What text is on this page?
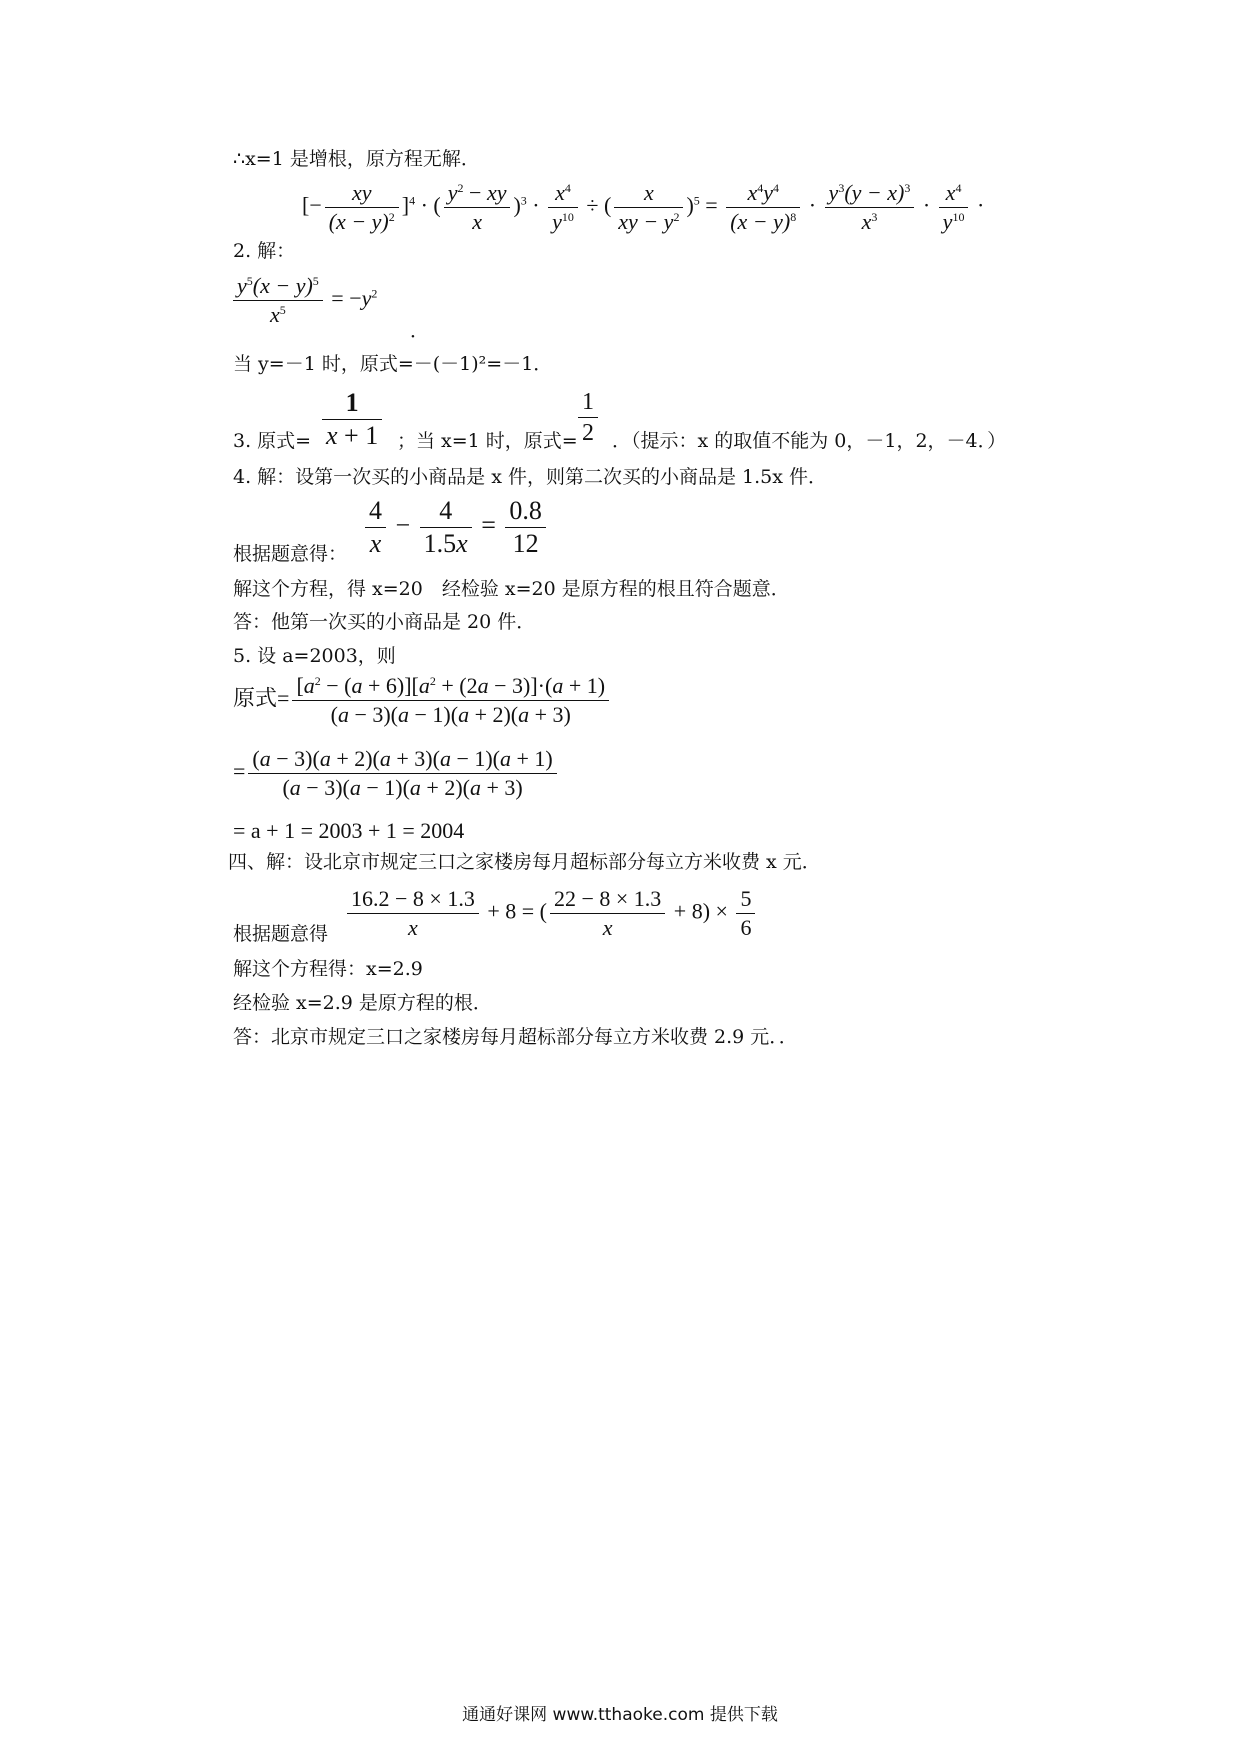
∴x=1 是增根，原方程无解．
[− $\frac{xy}{(x - y)^2} ]^4$ · ( $\frac{y^2 - xy}{x} )^3 \cdot \frac{x^4}{y^{10}}$ ÷ ( $\frac{x}{xy - y^2} )^5 = \frac{x^4y^4}{(x - y)^8} \cdot \frac{y^3(y - x)^3}{x^3} \cdot \frac{x^4}{y^{10}}$ ·
2. 解：
$\frac{y^5(x - y)^5}{x^5} = -y^2$
．
当 y=－1 时，原式=－(－1)²=－1．
3. 原式= $\frac{1}{x + 1}$ ；当 x=1 时，原式= $\frac{1}{2}$ ．（提示：x 的取值不能为 0，－1，2，－4．）
4. 解：设第一次买的小商品是 x 件，则第二次买的小商品是 1.5x 件．
$\frac{4}{x} - \frac{4}{1.5x} = \frac{0.8}{12}$
根据题意得：
解这个方程，得 x=20　经检验 x=20 是原方程的根且符合题意．
答：他第一次买的小商品是 20 件．
5. 设 a=2003，则
原式= $\frac{[a^2 - (a + 6)][a^2 + (2a - 3)]\cdot(a + 1)}{(a - 3)(a - 1)(a + 2)(a + 3)}$
= $\frac{(a - 3)(a + 2)(a + 3)(a - 1)(a + 1)}{(a - 3)(a - 1)(a + 2)(a + 3)}$
= a + 1 = 2003 + 1 = 2004
四、解：设北京市规定三口之家楼房每月超标部分每立方米收费 x 元．
$\frac{16.2 - 8 \times 1.3}{x} + 8$ = ( $\frac{22 - 8 \times 1.3}{x} + 8) \times \frac{5}{6}$
根据题意得
解这个方程得：x=2.9
经检验 x=2.9 是原方程的根．
答：北京市规定三口之家楼房每月超标部分每立方米收费 2.9 元．．
通通好课网 www.tthaoke.com 提供下载
